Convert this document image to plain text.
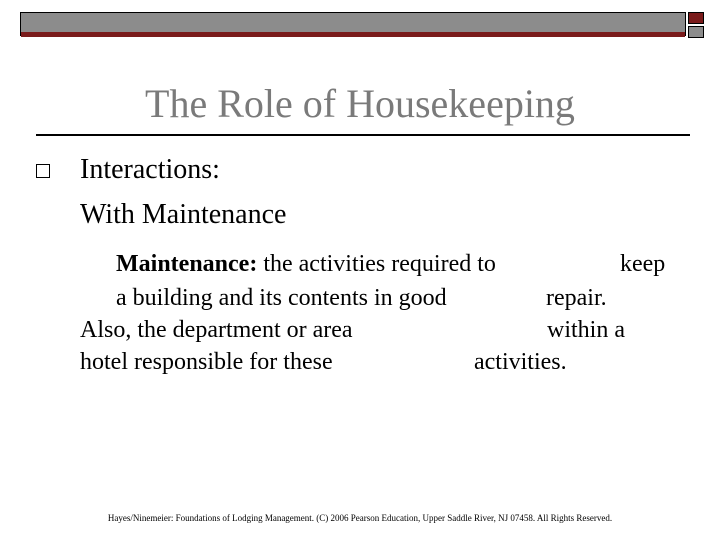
The Role of Housekeeping
Interactions:
With Maintenance
Maintenance: the activities required to	keep
a building and its contents in good	repair.
Also, the department or area	within a
hotel responsible for these	activities.
Hayes/Ninemeier: Foundations of Lodging Management. (C) 2006 Pearson Education, Upper Saddle River, NJ 07458. All Rights Reserved.
